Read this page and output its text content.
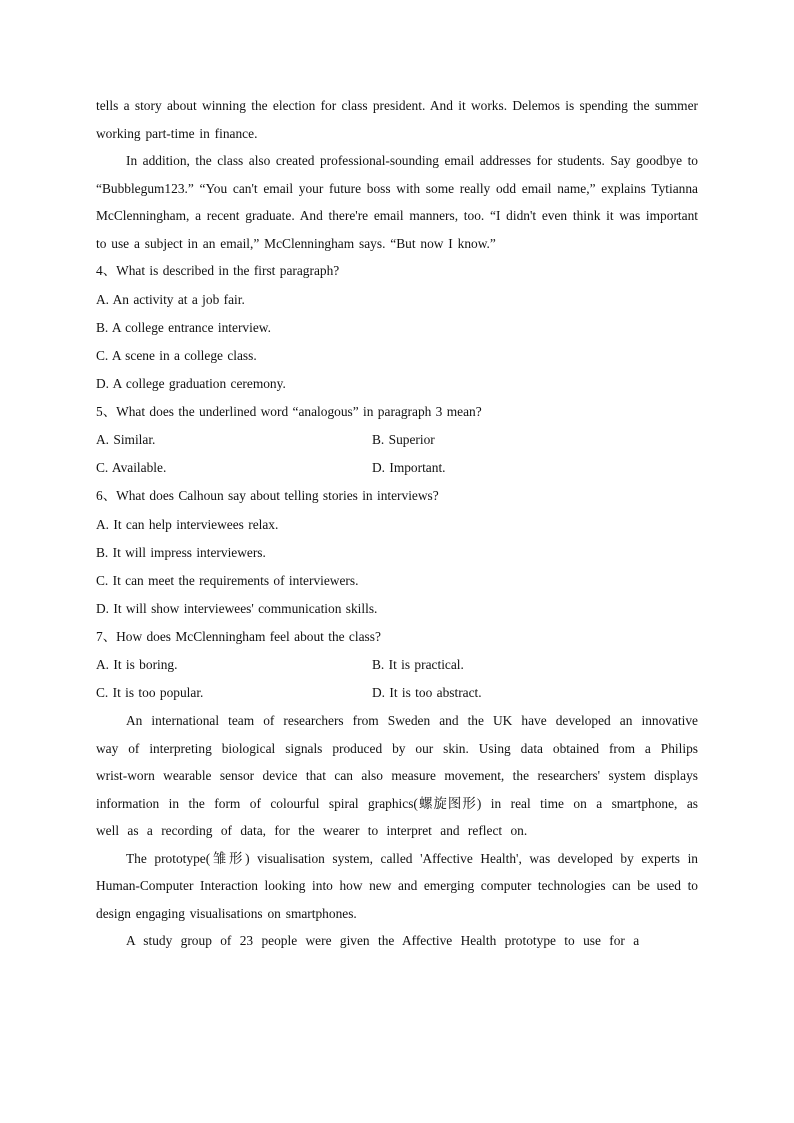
tells a story about winning the election for class president. And it works. Delemos is spending the summer working part-time in finance.

In addition, the class also created professional-sounding email addresses for students. Say goodbye to “Bubblegum123.” “You can't email your future boss with some really odd email name,” explains Tytianna McClenningham, a recent graduate. And there're email manners, too. “I didn't even think it was important to use a subject in an email,” McClenningham says. “But now I know.”

4、What is described in the first paragraph?

A. An activity at a job fair.

B. A college entrance interview.

C. A scene in a college class.

D. A college graduation ceremony.

5、What does the underlined word “analogous” in paragraph 3 mean?

A. Similar.	B. Superior
C. Available.	D. Important.

6、What does Calhoun say about telling stories in interviews?

A. It can help interviewees relax.

B. It will impress interviewers.

C. It can meet the requirements of interviewers.

D. It will show interviewees' communication skills.

7、How does McClenningham feel about the class?

A. It is boring.	B. It is practical.
C. It is too popular.	D. It is too abstract.

An international team of researchers from Sweden and the UK have developed an innovative way of interpreting biological signals produced by our skin. Using data obtained from a Philips wrist-worn wearable sensor device that can also measure movement, the researchers' system displays information in the form of colourful spiral graphics(螺旋图形) in real time on a smartphone, as well as a recording of data, for the wearer to interpret and reflect on.

The prototype(雏形) visualisation system, called 'Affective Health', was developed by experts in Human-Computer Interaction looking into how new and emerging computer technologies can be used to design engaging visualisations on smartphones.

A study group of 23 people were given the Affective Health prototype to use for a
